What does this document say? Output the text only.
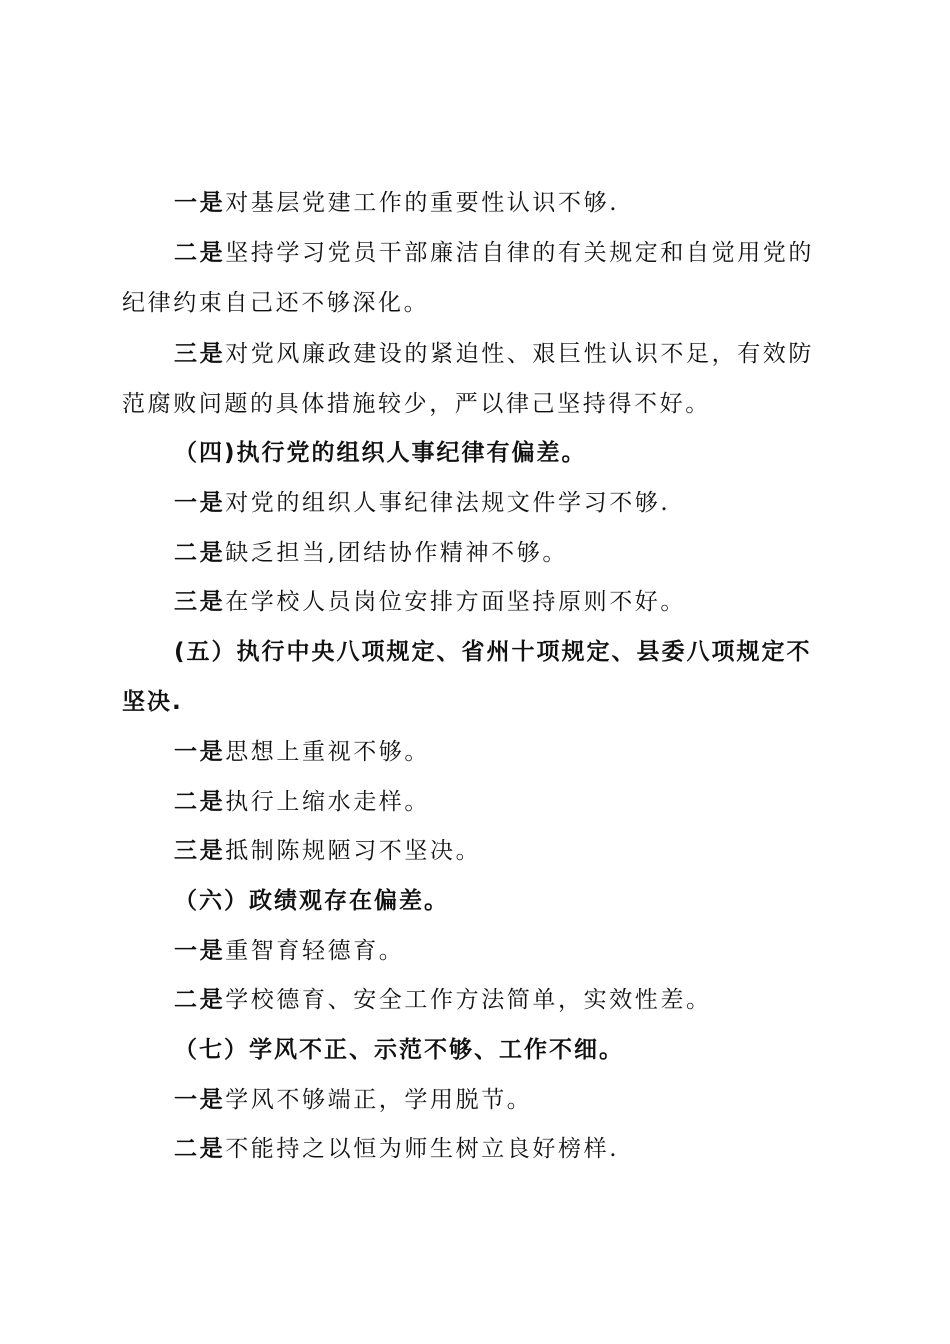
一是对基层党建工作的重要性认识不够.

二是坚持学习党员干部廉洁自律的有关规定和自觉用党的纪律约束自己还不够深化。

三是对党风廉政建设的紧迫性、艰巨性认识不足，有效防范腐败问题的具体措施较少，严以律己坚持得不好。

（四)执行党的组织人事纪律有偏差。

一是对党的组织人事纪律法规文件学习不够.

二是缺乏担当,团结协作精神不够。

三是在学校人员岗位安排方面坚持原则不好。

(五）执行中央八项规定、省州十项规定、县委八项规定不坚决.

一是思想上重视不够。

二是执行上缩水走样。

三是抵制陈规陋习不坚决。

（六）政绩观存在偏差。

一是重智育轻德育。

二是学校德育、安全工作方法简单，实效性差。

（七）学风不正、示范不够、工作不细。

一是学风不够端正，学用脱节。

二是不能持之以恒为师生树立良好榜样.
